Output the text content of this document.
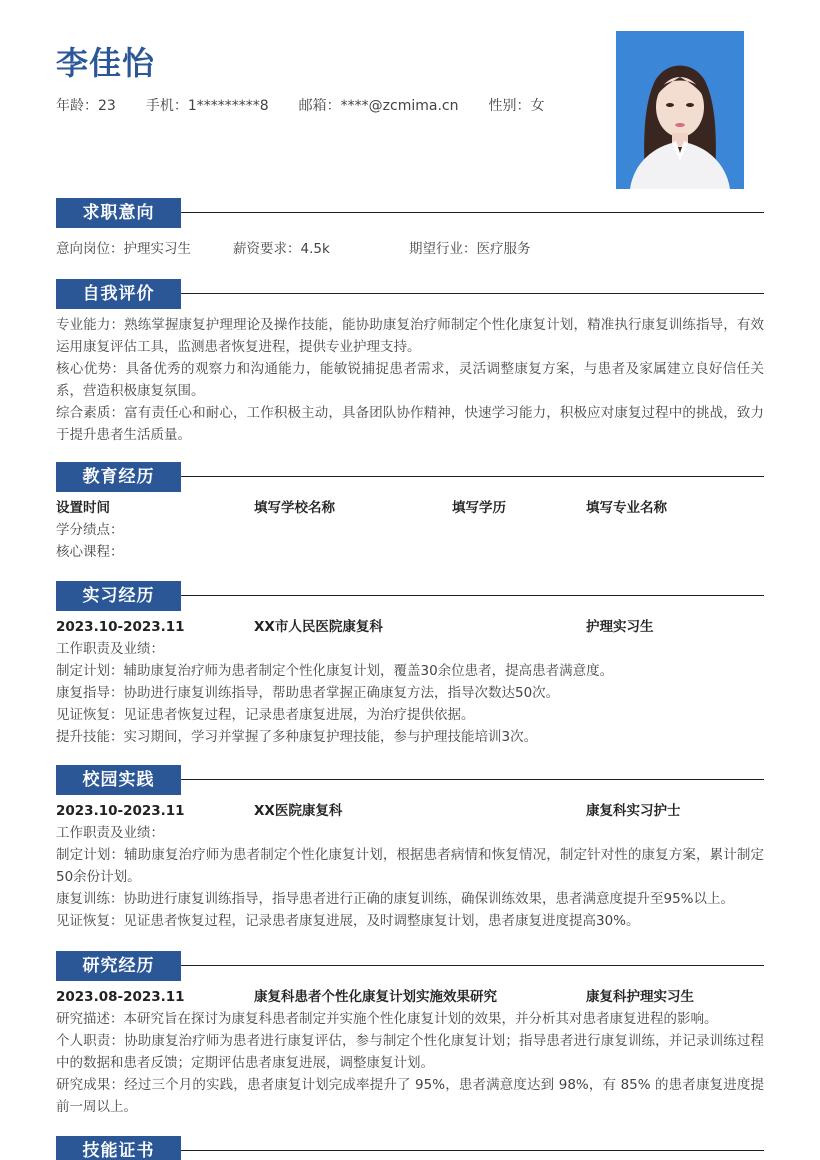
李佳怡
年龄：23 手机：1*********8 邮箱：****@zcmima.cn 性别：女
求职意向
意向岗位：护理实习生	薪资要求：4.5k	期望行业：医疗服务
自我评价

专业能力：熟练掌握康复护理理论及操作技能，能协助康复治疗师制定个性化康复计划，精准执行康复训练指导，有效运用康复评估工具，监测患者恢复进程，提供专业护理支持。

核心优势：具备优秀的观察力和沟通能力，能敏锐捕捉患者需求，灵活调整康复方案，与患者及家属建立良好信任关系，营造积极康复氛围。

综合素质：富有责任心和耐心，工作积极主动，具备团队协作精神，快速学习能力，积极应对康复过程中的挑战，致力于提升患者生活质量。

教育经历
设置时间	填写学校名称	填写学历	填写专业名称
学分绩点：
核心课程：
实习经历
2023.10-2023.11	XX市人民医院康复科	护理实习生

工作职责及业绩：

制定计划：辅助康复治疗师为患者制定个性化康复计划，覆盖30余位患者，提高患者满意度。

康复指导：协助进行康复训练指导，帮助患者掌握正确康复方法，指导次数达50次。

见证恢复：见证患者恢复过程，记录患者康复进展，为治疗提供依据。

提升技能：实习期间，学习并掌握了多种康复护理技能，参与护理技能培训3次。

校园实践
2023.10-2023.11	XX医院康复科	康复科实习护士

工作职责及业绩：

制定计划：辅助康复治疗师为患者制定个性化康复计划，根据患者病情和恢复情况，制定针对性的康复方案，累计制定50余份计划。

康复训练：协助进行康复训练指导，指导患者进行正确的康复训练，确保训练效果，患者满意度提升至95%以上。

见证恢复：见证患者恢复过程，记录患者康复进展，及时调整康复计划，患者康复进度提高30%。

研究经历
2023.08-2023.11	康复科患者个性化康复计划实施效果研究	康复科护理实习生

研究描述：本研究旨在探讨为康复科患者制定并实施个性化康复计划的效果，并分析其对患者康复进程的影响。

个人职责：协助康复治疗师为患者进行康复评估，参与制定个性化康复计划；指导患者进行康复训练，并记录训练过程中的数据和患者反馈；定期评估患者康复进展，调整康复计划。

研究成果：经过三个月的实践，患者康复计划完成率提升了 95%，患者满意度达到 98%，有 85% 的患者康复进度提前一周以上。

技能证书
